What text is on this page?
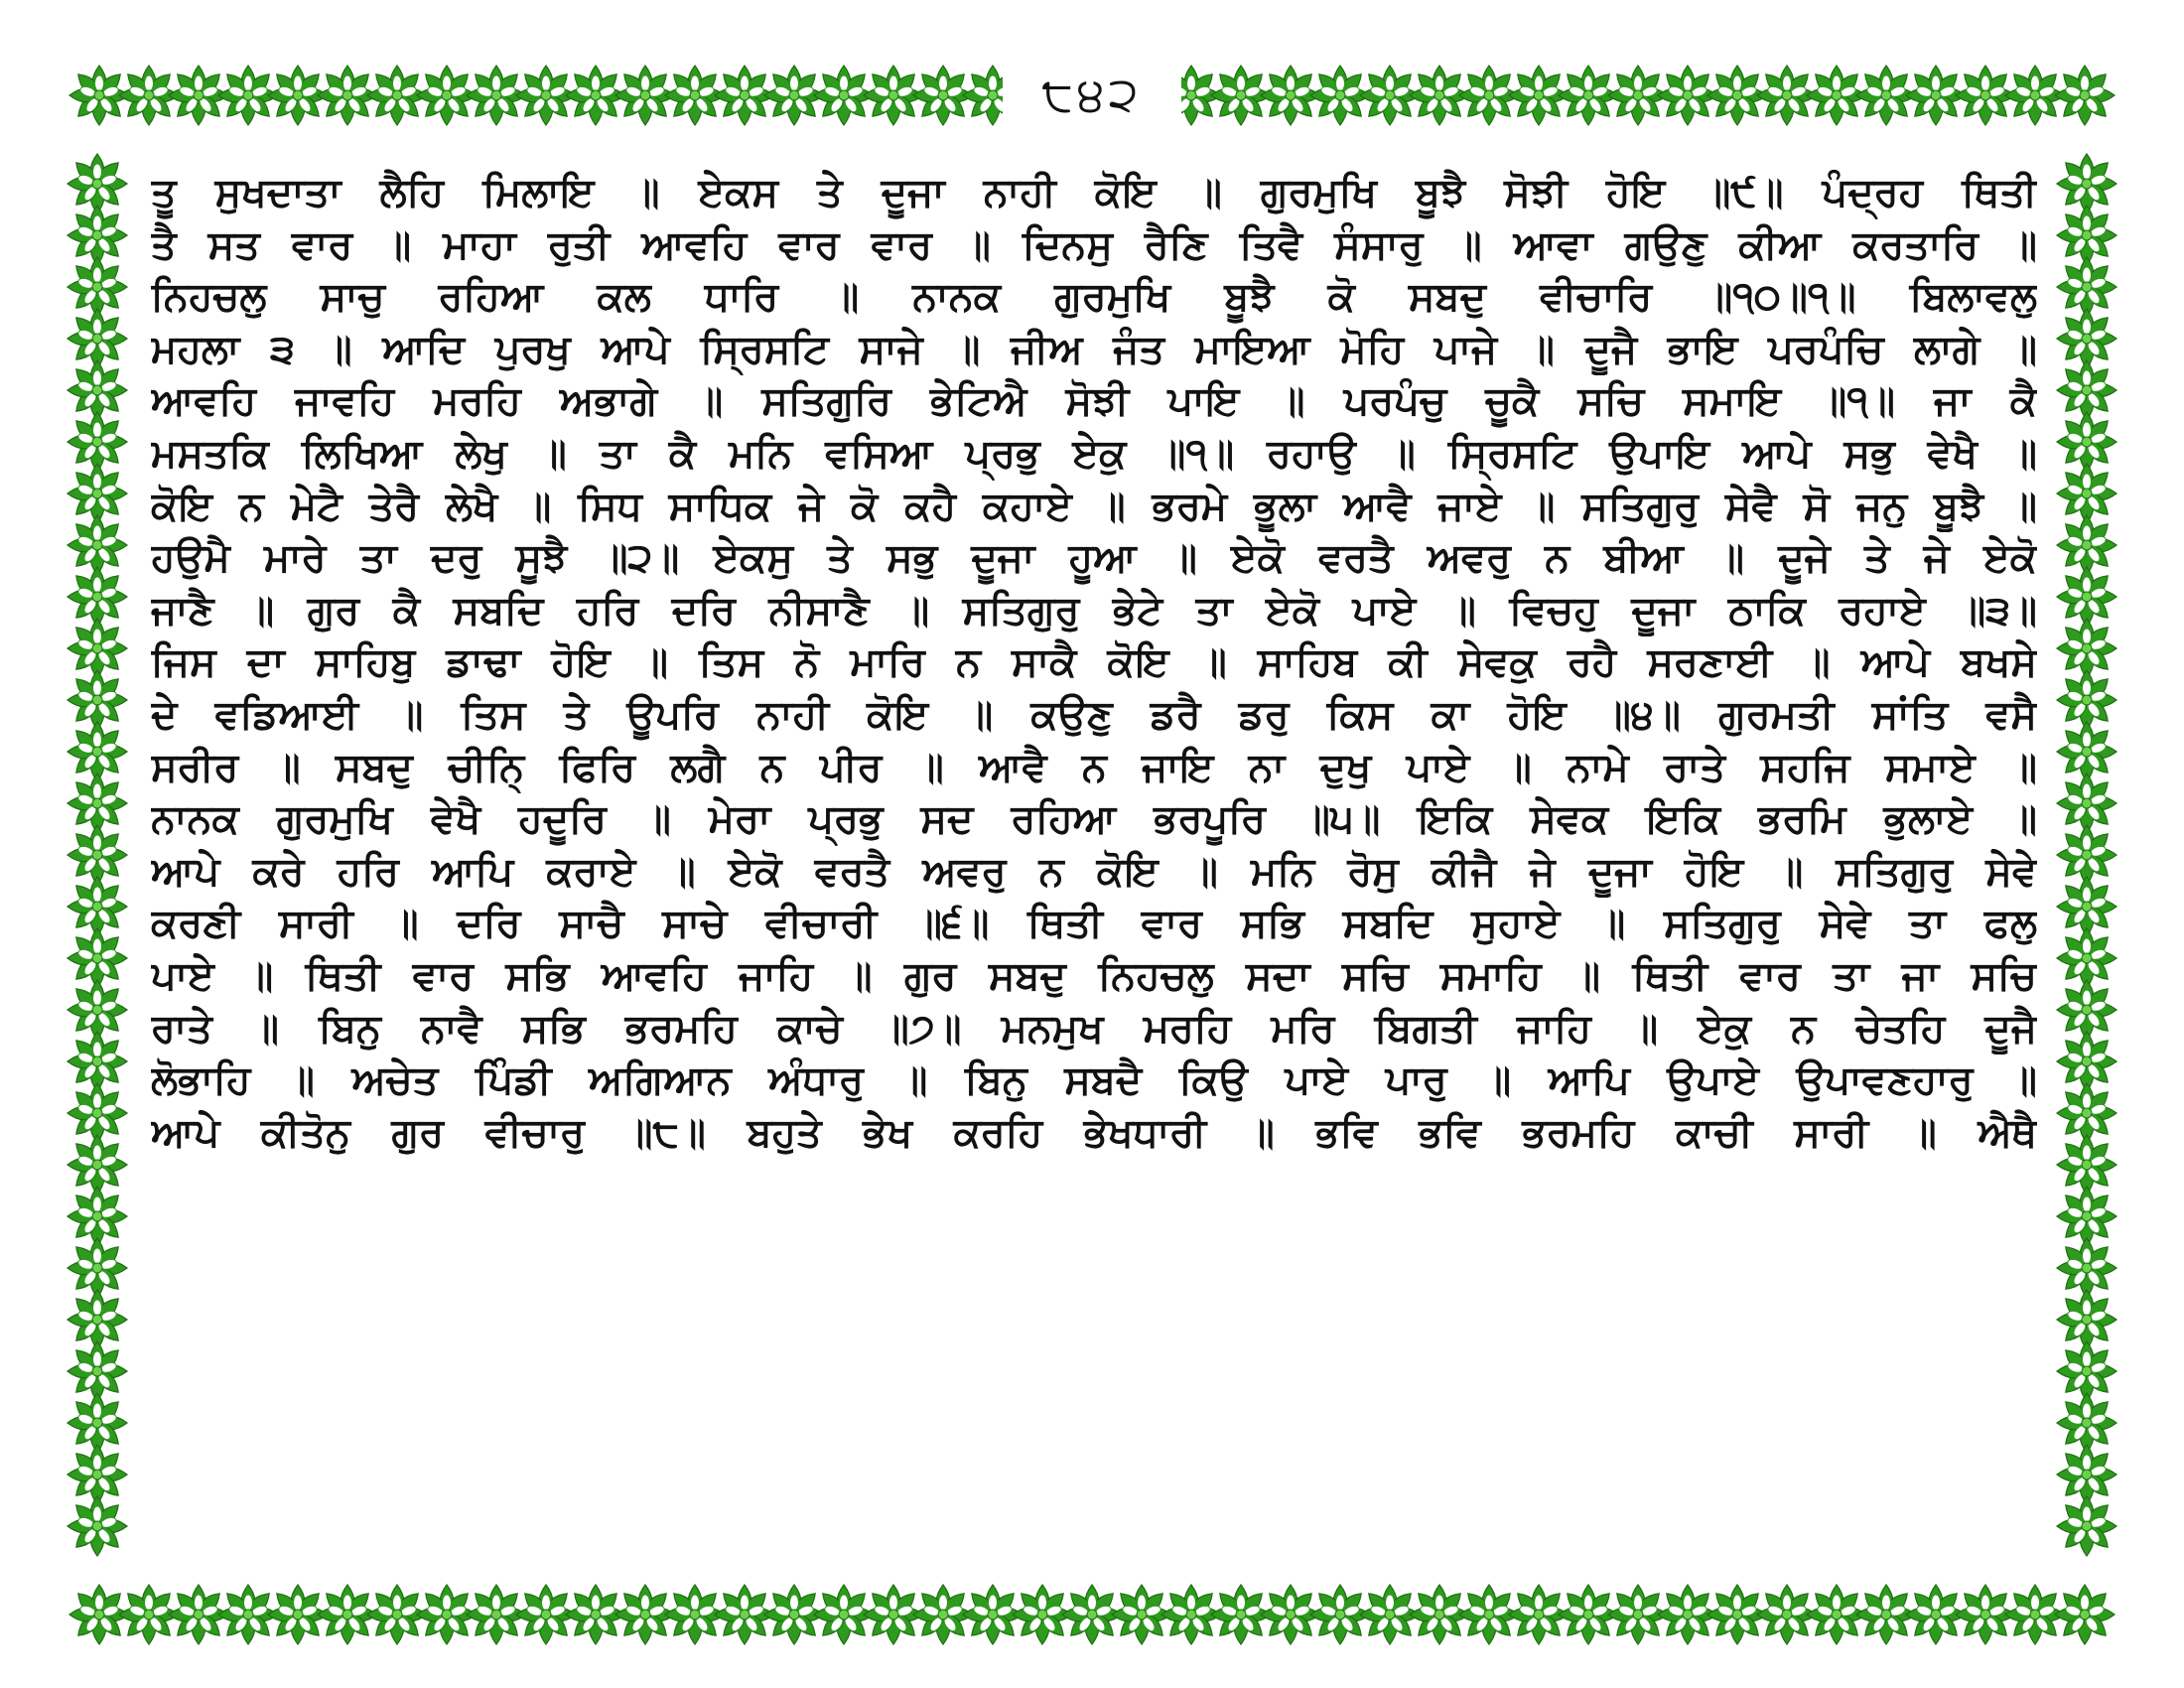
੮੪੨
ਤੂ ਸੁਖਦਾਤਾ ਲੈਹਿ ਮਿਲਾਇ ॥ ਏਕਸ ਤੇ ਦੂਜਾ ਨਾਹੀ ਕੋਇ ॥ ਗੁਰਮੁਖਿ ਬੂਝੈ ਸੋਝੀ ਹੋਇ ॥੯॥ ਪੰਦ੍ਰਹ ਥਿਤੀ
ਤੈ ਸਤ ਵਾਰ ॥ ਮਾਹਾ ਰੁਤੀ ਆਵਹਿ ਵਾਰ ਵਾਰ ॥ ਦਿਨਸੁ ਰੈਣਿ ਤਿਵੈ ਸੰਸਾਰੁ ॥ ਆਵਾ ਗਉਣੁ ਕੀਆ ਕਰਤਾਰਿ ॥
ਨਿਹਚਲੁ ਸਾਚੁ ਰਹਿਆ ਕਲ ਧਾਰਿ ॥ ਨਾਨਕ ਗੁਰਮੁਖਿ ਬੂਝੈ ਕੋ ਸਬਦੁ ਵੀਚਾਰਿ ॥੧੦॥੧॥ ਬਿਲਾਵਲੁ
ਮਹਲਾ ੩ ॥ ਆਦਿ ਪੁਰਖੁ ਆਪੇ ਸ੍ਰਿਸਟਿ ਸਾਜੇ ॥ ਜੀਅ ਜੰਤ ਮਾਇਆ ਮੋਹਿ ਪਾਜੇ ॥ ਦੂਜੈ ਭਾਇ ਪਰਪੰਚਿ ਲਾਗੇ ॥
ਆਵਹਿ ਜਾਵਹਿ ਮਰਹਿ ਅਭਾਗੇ ॥ ਸਤਿਗੁਰਿ ਭੇਟਿਐ ਸੋਝੀ ਪਾਇ ॥ ਪਰਪੰਚੁ ਚੂਕੈ ਸਚਿ ਸਮਾਇ ॥੧॥ ਜਾ ਕੈ
ਮਸਤਕਿ ਲਿਖਿਆ ਲੇਖੁ ॥ ਤਾ ਕੈ ਮਨਿ ਵਸਿਆ ਪ੍ਰਭੁ ਏਕੁ ॥੧॥ ਰਹਾਉ ॥ ਸ੍ਰਿਸਟਿ ਉਪਾਇ ਆਪੇ ਸਭੁ ਵੇਖੈ ॥
ਕੋਇ ਨ ਮੇਟੈ ਤੇਰੈ ਲੇਖੈ ॥ ਸਿਧ ਸਾਧਿਕ ਜੇ ਕੋ ਕਹੈ ਕਹਾਏ ॥ ਭਰਮੇ ਭੂਲਾ ਆਵੈ ਜਾਏ ॥ ਸਤਿਗੁਰੁ ਸੇਵੈ ਸੋ ਜਨੁ ਬੂਝੈ ॥
ਹਉਮੈ ਮਾਰੇ ਤਾ ਦਰੁ ਸੂਝੈ ॥੨॥ ਏਕਸੁ ਤੇ ਸਭੁ ਦੂਜਾ ਹੂਆ ॥ ਏਕੋ ਵਰਤੈ ਅਵਰੁ ਨ ਬੀਆ ॥ ਦੂਜੇ ਤੇ ਜੇ ਏਕੋ
ਜਾਣੈ ॥ ਗੁਰ ਕੈ ਸਬਦਿ ਹਰਿ ਦਰਿ ਨੀਸਾਣੈ ॥ ਸਤਿਗੁਰੁ ਭੇਟੇ ਤਾ ਏਕੋ ਪਾਏ ॥ ਵਿਚਹੁ ਦੂਜਾ ਠਾਕਿ ਰਹਾਏ ॥੩॥
ਜਿਸ ਦਾ ਸਾਹਿਬੁ ਡਾਢਾ ਹੋਇ ॥ ਤਿਸ ਨੋ ਮਾਰਿ ਨ ਸਾਕੈ ਕੋਇ ॥ ਸਾਹਿਬ ਕੀ ਸੇਵਕੁ ਰਹੈ ਸਰਣਾਈ ॥ ਆਪੇ ਬਖਸੇ
ਦੇ ਵਡਿਆਈ ॥ ਤਿਸ ਤੇ ਊਪਰਿ ਨਾਹੀ ਕੋਇ ॥ ਕਉਣੁ ਡਰੈ ਡਰੁ ਕਿਸ ਕਾ ਹੋਇ ॥੪॥ ਗੁਰਮਤੀ ਸਾਂਤਿ ਵਸੈ
ਸਰੀਰ ॥ ਸਬਦੁ ਚੀਨਿ੍ ਫਿਰਿ ਲਗੈ ਨ ਪੀਰ ॥ ਆਵੈ ਨ ਜਾਇ ਨਾ ਦੁਖੁ ਪਾਏ ॥ ਨਾਮੇ ਰਾਤੇ ਸਹਜਿ ਸਮਾਏ ॥
ਨਾਨਕ ਗੁਰਮੁਖਿ ਵੇਖੈ ਹਦੂਰਿ ॥ ਮੇਰਾ ਪ੍ਰਭੁ ਸਦ ਰਹਿਆ ਭਰਪੂਰਿ ॥੫॥ ਇਕਿ ਸੇਵਕ ਇਕਿ ਭਰਮਿ ਭੁਲਾਏ ॥
ਆਪੇ ਕਰੇ ਹਰਿ ਆਪਿ ਕਰਾਏ ॥ ਏਕੋ ਵਰਤੈ ਅਵਰੁ ਨ ਕੋਇ ॥ ਮਨਿ ਰੋਸੁ ਕੀਜੈ ਜੇ ਦੂਜਾ ਹੋਇ ॥ ਸਤਿਗੁਰੁ ਸੇਵੇ
ਕਰਣੀ ਸਾਰੀ ॥ ਦਰਿ ਸਾਚੈ ਸਾਚੇ ਵੀਚਾਰੀ ॥੬॥ ਥਿਤੀ ਵਾਰ ਸਭਿ ਸਬਦਿ ਸੁਹਾਏ ॥ ਸਤਿਗੁਰੁ ਸੇਵੇ ਤਾ ਫਲੁ
ਪਾਏ ॥ ਥਿਤੀ ਵਾਰ ਸਭਿ ਆਵਹਿ ਜਾਹਿ ॥ ਗੁਰ ਸਬਦੁ ਨਿਹਚਲੁ ਸਦਾ ਸਚਿ ਸਮਾਹਿ ॥ ਥਿਤੀ ਵਾਰ ਤਾ ਜਾ ਸਚਿ
ਰਾਤੇ ॥ ਬਿਨੁ ਨਾਵੈ ਸਭਿ ਭਰਮਹਿ ਕਾਚੇ ॥੭॥ ਮਨਮੁਖ ਮਰਹਿ ਮਰਿ ਬਿਗਤੀ ਜਾਹਿ ॥ ਏਕੁ ਨ ਚੇਤਹਿ ਦੂਜੈ
ਲੋਭਾਹਿ ॥ ਅਚੇਤ ਪਿੰਡੀ ਅਗਿਆਨ ਅੰਧਾਰੁ ॥ ਬਿਨੁ ਸਬਦੈ ਕਿਉ ਪਾਏ ਪਾਰੁ ॥ ਆਪਿ ਉਪਾਏ ਉਪਾਵਣਹਾਰੁ ॥
ਆਪੇ ਕੀਤੋਨੁ ਗੁਰ ਵੀਚਾਰੁ ॥੮॥ ਬਹੁਤੇ ਭੇਖ ਕਰਹਿ ਭੇਖਧਾਰੀ ॥ ਭਵਿ ਭਵਿ ਭਰਮਹਿ ਕਾਚੀ ਸਾਰੀ ॥ ਐਥੈ
